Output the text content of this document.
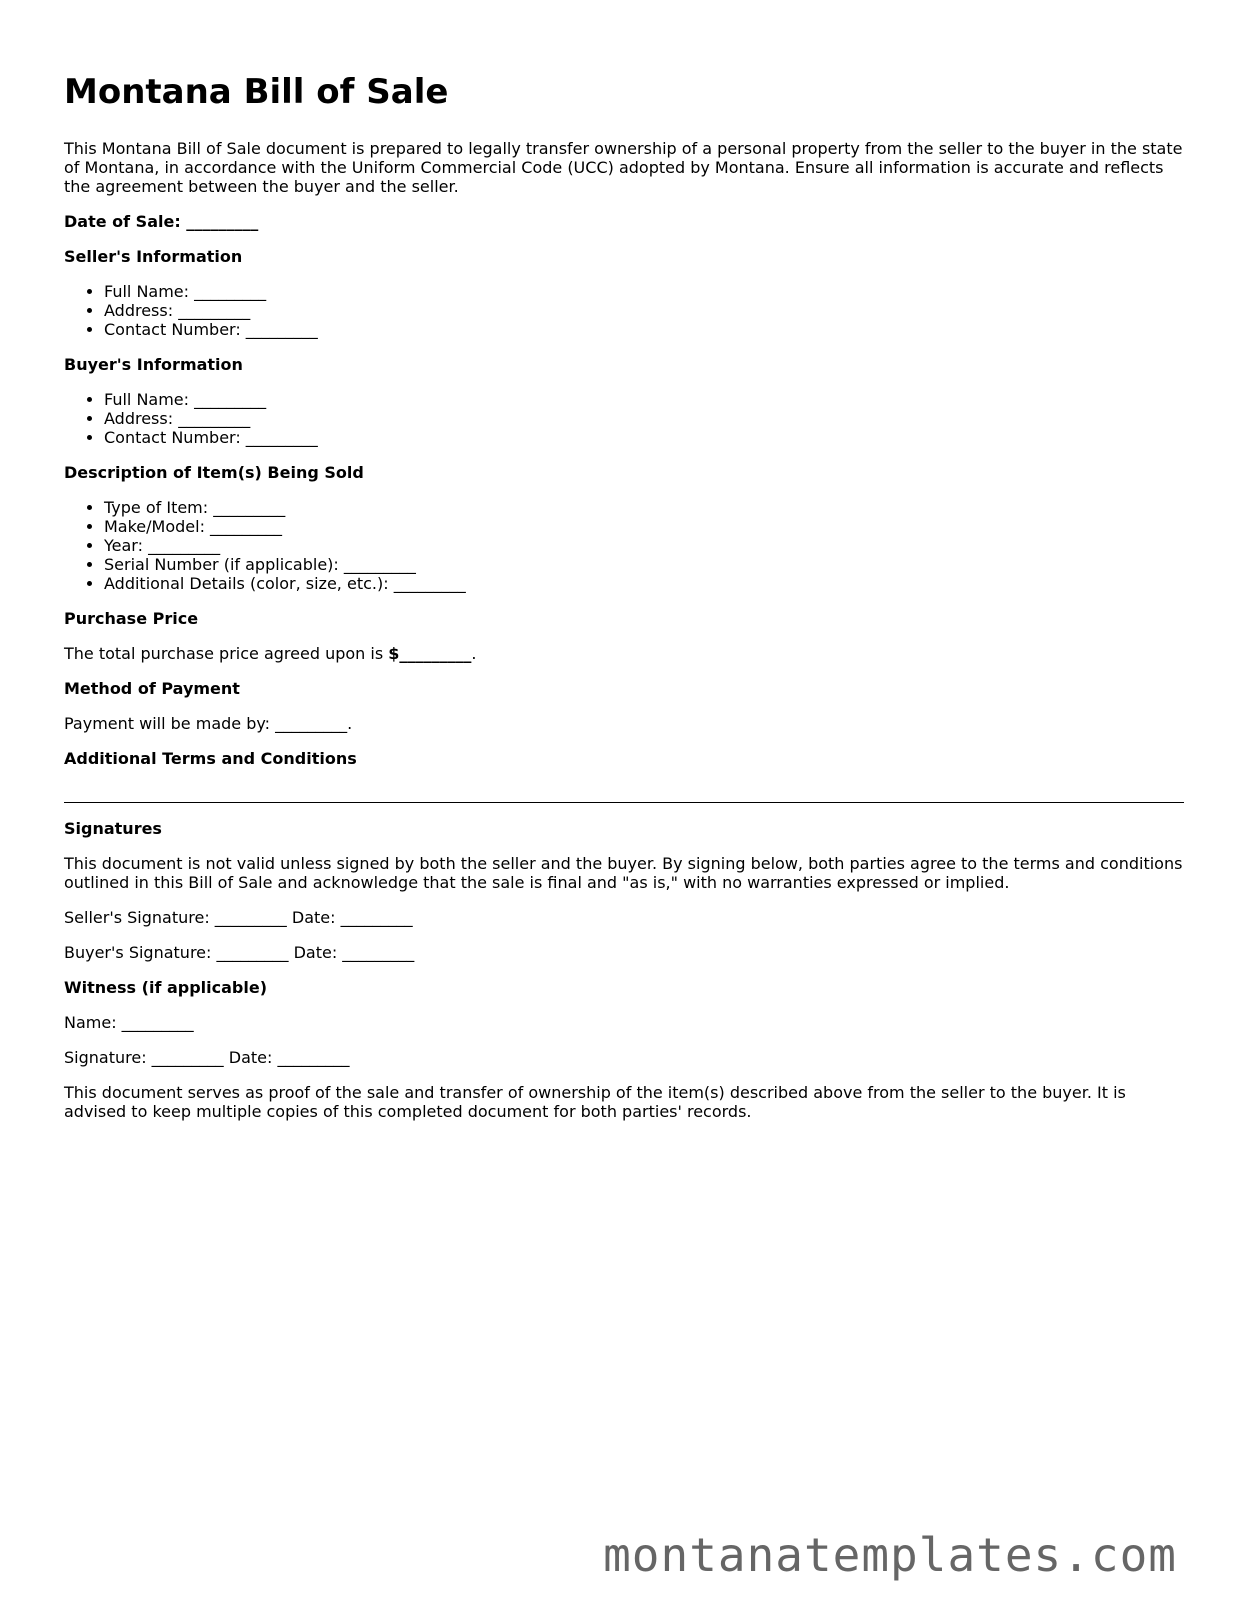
Montana Bill of Sale

This Montana Bill of Sale document is prepared to legally transfer ownership of a personal property from the seller to the buyer in the state of Montana, in accordance with the Uniform Commercial Code (UCC) adopted by Montana. Ensure all information is accurate and reflects the agreement between the buyer and the seller.

Date of Sale: _________

Seller's Information

• Full Name: _________
• Address: _________
• Contact Number: _________

Buyer's Information

• Full Name: _________
• Address: _________
• Contact Number: _________

Description of Item(s) Being Sold

• Type of Item: _________
• Make/Model: _________
• Year: _________
• Serial Number (if applicable): _________
• Additional Details (color, size, etc.): _________

Purchase Price

The total purchase price agreed upon is $_________.

Method of Payment

Payment will be made by: _________.

Additional Terms and Conditions

Signatures

This document is not valid unless signed by both the seller and the buyer. By signing below, both parties agree to the terms and conditions outlined in this Bill of Sale and acknowledge that the sale is final and "as is," with no warranties expressed or implied.

Seller's Signature: _________ Date: _________

Buyer's Signature: _________ Date: _________

Witness (if applicable)

Name: _________

Signature: _________ Date: _________

This document serves as proof of the sale and transfer of ownership of the item(s) described above from the seller to the buyer. It is advised to keep multiple copies of this completed document for both parties' records.

montanatemplates.com
